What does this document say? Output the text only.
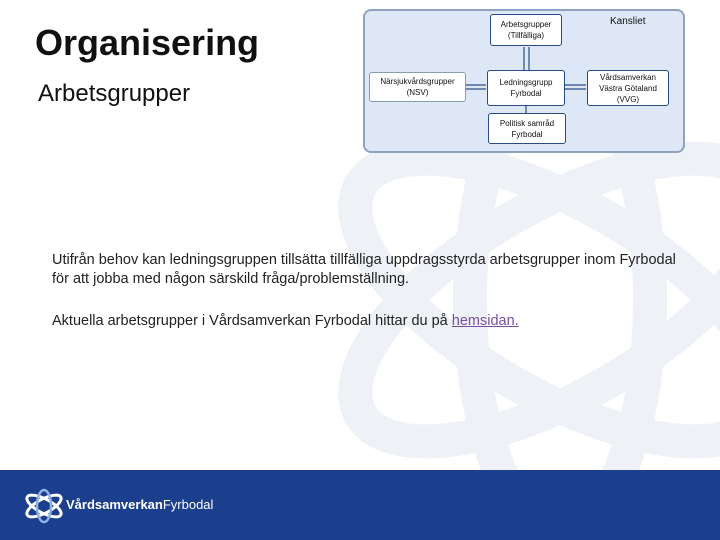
Organisering
Arbetsgrupper
Arbetsgrupper
(Tillfälliga)
Kansliet
Närsjukvårdsgrupper
(NSV)
Ledningsgrupp
Fyrbodal
Vårdsamverkan
Västra Götaland
(VVG)
Politisk samråd
Fyrbodal

Utifrån behov kan ledningsgruppen tillsätta tillfälliga uppdragsstyrda arbetsgrupper inom Fyrbodal för att jobba med någon särskild fråga/problemställning.

Aktuella arbetsgrupper i Vårdsamverkan Fyrbodal hittar du på hemsidan.

VårdsamverkanFyrbodal
